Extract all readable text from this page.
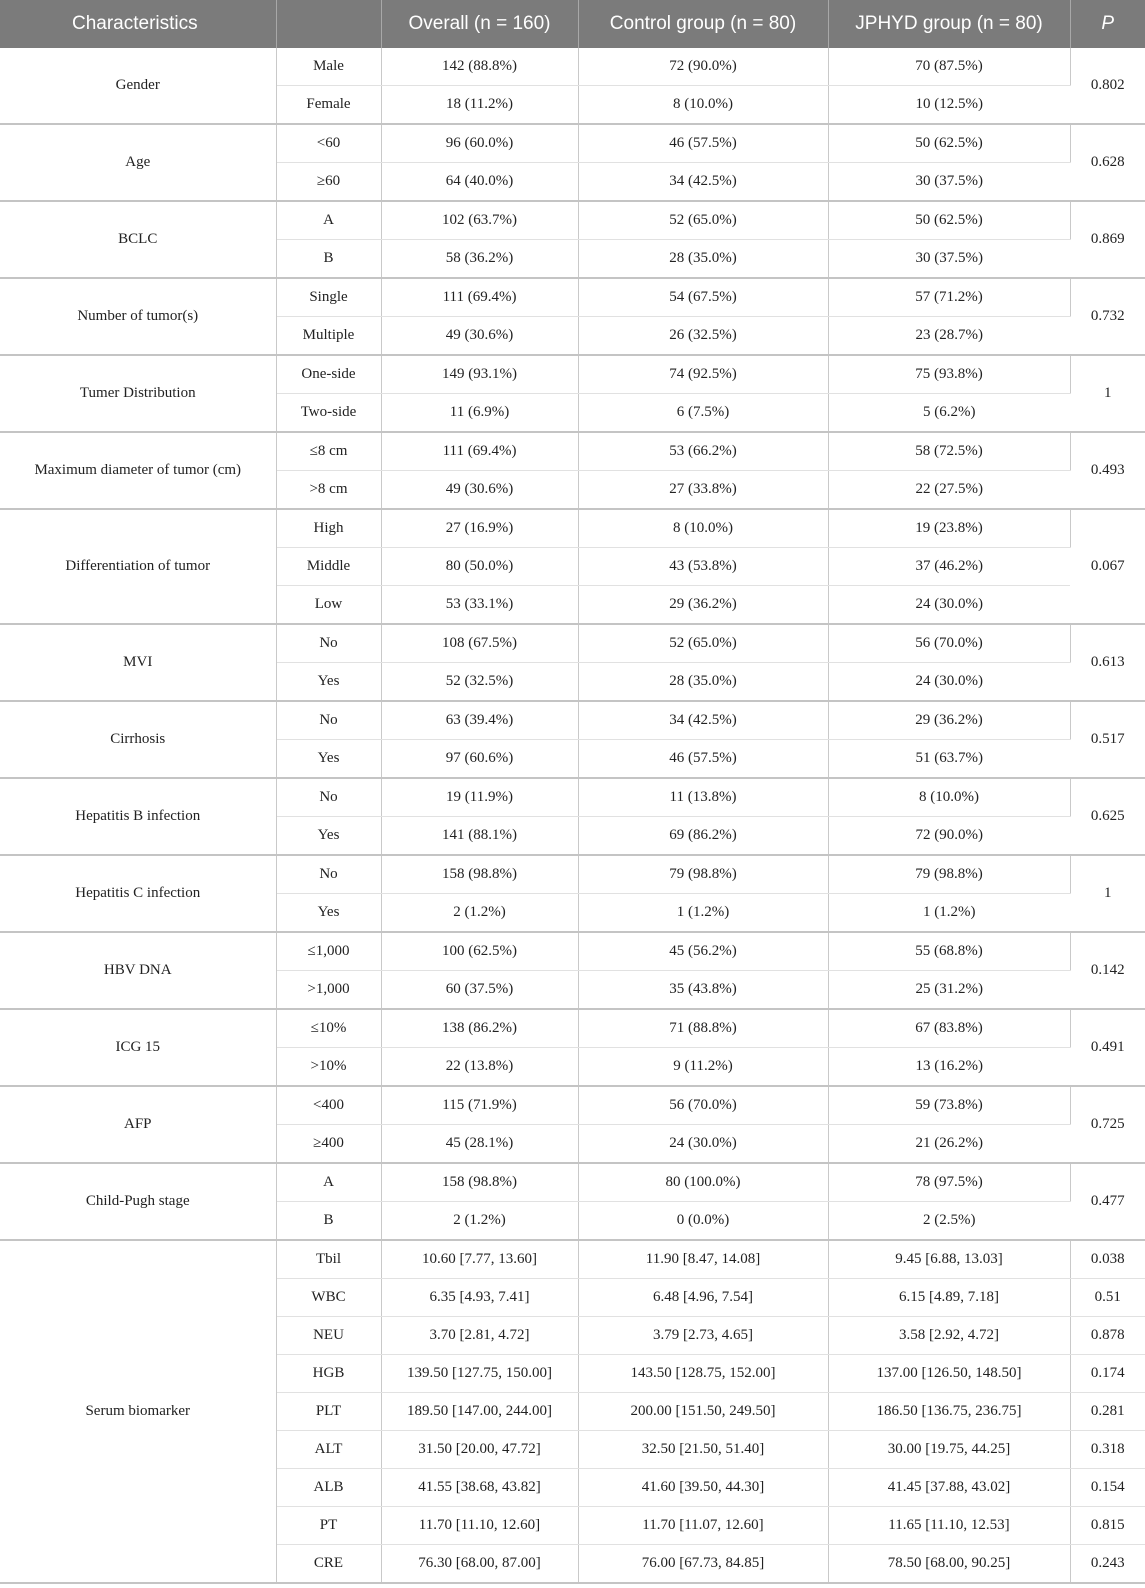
Characteristics		Overall (n = 160)	Control group (n = 80)	JPHYD group (n = 80)	P
Gender	Male	142 (88.8%)	72 (90.0%)	70 (87.5%)	0.802
	Female	18 (11.2%)	8 (10.0%)	10 (12.5%)	
Age	<60	96 (60.0%)	46 (57.5%)	50 (62.5%)	0.628
	≥60	64 (40.0%)	34 (42.5%)	30 (37.5%)	
BCLC	A	102 (63.7%)	52 (65.0%)	50 (62.5%)	0.869
	B	58 (36.2%)	28 (35.0%)	30 (37.5%)	
Number of tumor(s)	Single	111 (69.4%)	54 (67.5%)	57 (71.2%)	0.732
	Multiple	49 (30.6%)	26 (32.5%)	23 (28.7%)	
Tumer Distribution	One-side	149 (93.1%)	74 (92.5%)	75 (93.8%)	1
	Two-side	11 (6.9%)	6 (7.5%)	5 (6.2%)	
Maximum diameter of tumor (cm)	≤8 cm	111 (69.4%)	53 (66.2%)	58 (72.5%)	0.493
	>8 cm	49 (30.6%)	27 (33.8%)	22 (27.5%)	
Differentiation of tumor	High	27 (16.9%)	8 (10.0%)	19 (23.8%)	0.067
	Middle	80 (50.0%)	43 (53.8%)	37 (46.2%)	
	Low	53 (33.1%)	29 (36.2%)	24 (30.0%)	
MVI	No	108 (67.5%)	52 (65.0%)	56 (70.0%)	0.613
	Yes	52 (32.5%)	28 (35.0%)	24 (30.0%)	
Cirrhosis	No	63 (39.4%)	34 (42.5%)	29 (36.2%)	0.517
	Yes	97 (60.6%)	46 (57.5%)	51 (63.7%)	
Hepatitis B infection	No	19 (11.9%)	11 (13.8%)	8 (10.0%)	0.625
	Yes	141 (88.1%)	69 (86.2%)	72 (90.0%)	
Hepatitis C infection	No	158 (98.8%)	79 (98.8%)	79 (98.8%)	1
	Yes	2 (1.2%)	1 (1.2%)	1 (1.2%)	
HBV DNA	≤1,000	100 (62.5%)	45 (56.2%)	55 (68.8%)	0.142
	>1,000	60 (37.5%)	35 (43.8%)	25 (31.2%)	
ICG 15	≤10%	138 (86.2%)	71 (88.8%)	67 (83.8%)	0.491
	>10%	22 (13.8%)	9 (11.2%)	13 (16.2%)	
AFP	<400	115 (71.9%)	56 (70.0%)	59 (73.8%)	0.725
	≥400	45 (28.1%)	24 (30.0%)	21 (26.2%)	
Child-Pugh stage	A	158 (98.8%)	80 (100.0%)	78 (97.5%)	0.477
	B	2 (1.2%)	0 (0.0%)	2 (2.5%)	
Serum biomarker	Tbil	10.60 [7.77, 13.60]	11.90 [8.47, 14.08]	9.45 [6.88, 13.03]	0.038
	WBC	6.35 [4.93, 7.41]	6.48 [4.96, 7.54]	6.15 [4.89, 7.18]	0.51
	NEU	3.70 [2.81, 4.72]	3.79 [2.73, 4.65]	3.58 [2.92, 4.72]	0.878
	HGB	139.50 [127.75, 150.00]	143.50 [128.75, 152.00]	137.00 [126.50, 148.50]	0.174
	PLT	189.50 [147.00, 244.00]	200.00 [151.50, 249.50]	186.50 [136.75, 236.75]	0.281
	ALT	31.50 [20.00, 47.72]	32.50 [21.50, 51.40]	30.00 [19.75, 44.25]	0.318
	ALB	41.55 [38.68, 43.82]	41.60 [39.50, 44.30]	41.45 [37.88, 43.02]	0.154
	PT	11.70 [11.10, 12.60]	11.70 [11.07, 12.60]	11.65 [11.10, 12.53]	0.815
	CRE	76.30 [68.00, 87.00]	76.00 [67.73, 84.85]	78.50 [68.00, 90.25]	0.243
